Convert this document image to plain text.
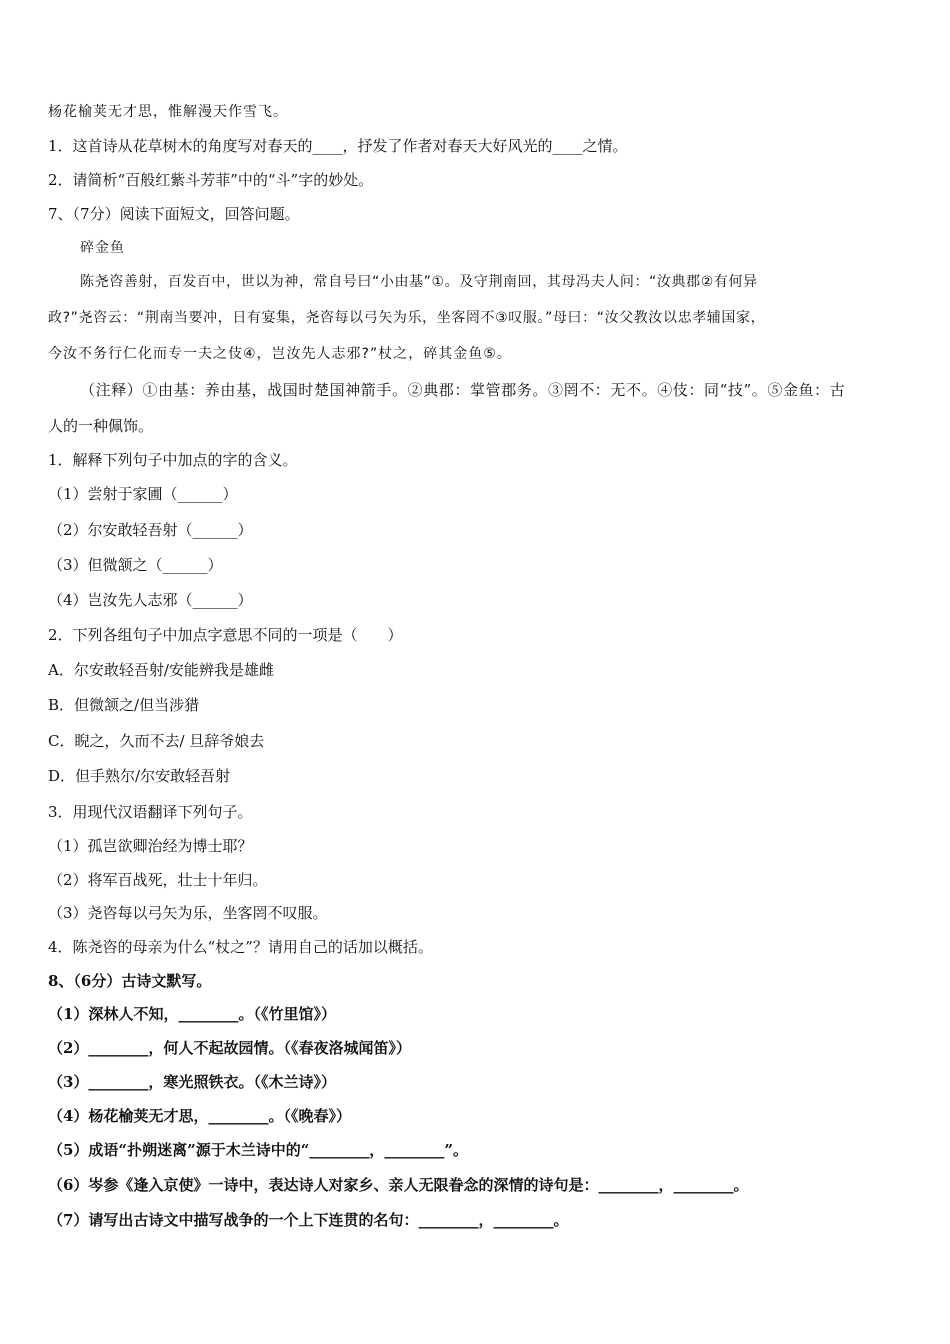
杨花榆荚无才思，惟解漫天作雪飞。
1．这首诗从花草树木的角度写对春天的____，抒发了作者对春天大好风光的____之情。
2．请简析“百般红紫斗芳菲”中的“斗”字的妙处。
7、（7分）阅读下面短文，回答问题。
碎金鱼
陈尧咨善射，百发百中，世以为神，常自号曰“小由基”①。及守荆南回，其母冯夫人问：“汝典郡②有何异
政?”尧咨云：“荆南当要冲，日有宴集，尧咨每以弓矢为乐，坐客罔不③叹服。”母曰：“汝父教汝以忠孝辅国家，
今汝不务行仁化而专一夫之伎④，岂汝先人志邪?”杖之，碎其金鱼⑤。
（注释）①由基：养由基，战国时楚国神箭手。②典郡：掌管郡务。③罔不：无不。④伎：同“技”。⑤金鱼：古
人的一种佩饰。
1．解释下列句子中加点的字的含义。
（1）尝射于家圃（______）
（2）尔安敢轻吾射（______）
（3）但微颔之（______）
（4）岂汝先人志邪（______）
2．下列各组句子中加点字意思不同的一项是（　　）
A．尔安敢轻吾射/安能辨我是雄雌
B．但微颔之/但当涉猎
C．睨之，久而不去/ 旦辞爷娘去
D．但手熟尔/尔安敢轻吾射
3．用现代汉语翻译下列句子。
（1）孤岂欲卿治经为博士耶？
（2）将军百战死，壮士十年归。
（3）尧咨每以弓矢为乐，坐客罔不叹服。
4．陈尧咨的母亲为什么“杖之”？请用自己的话加以概括。
8、（6分）古诗文默写。
（1）深林人不知，________。（《竹里馆》）
（2）________，何人不起故园情。（《春夜洛城闻笛》）
（3）________，寒光照铁衣。（《木兰诗》）
（4）杨花榆荚无才思，________。（《晚春》）
（5）成语“扑朔迷离”源于木兰诗中的“________，________”。
（6）岑参《逢入京使》一诗中，表达诗人对家乡、亲人无限眷念的深情的诗句是：________，________。
（7）请写出古诗文中描写战争的一个上下连贯的名句：________，________。
